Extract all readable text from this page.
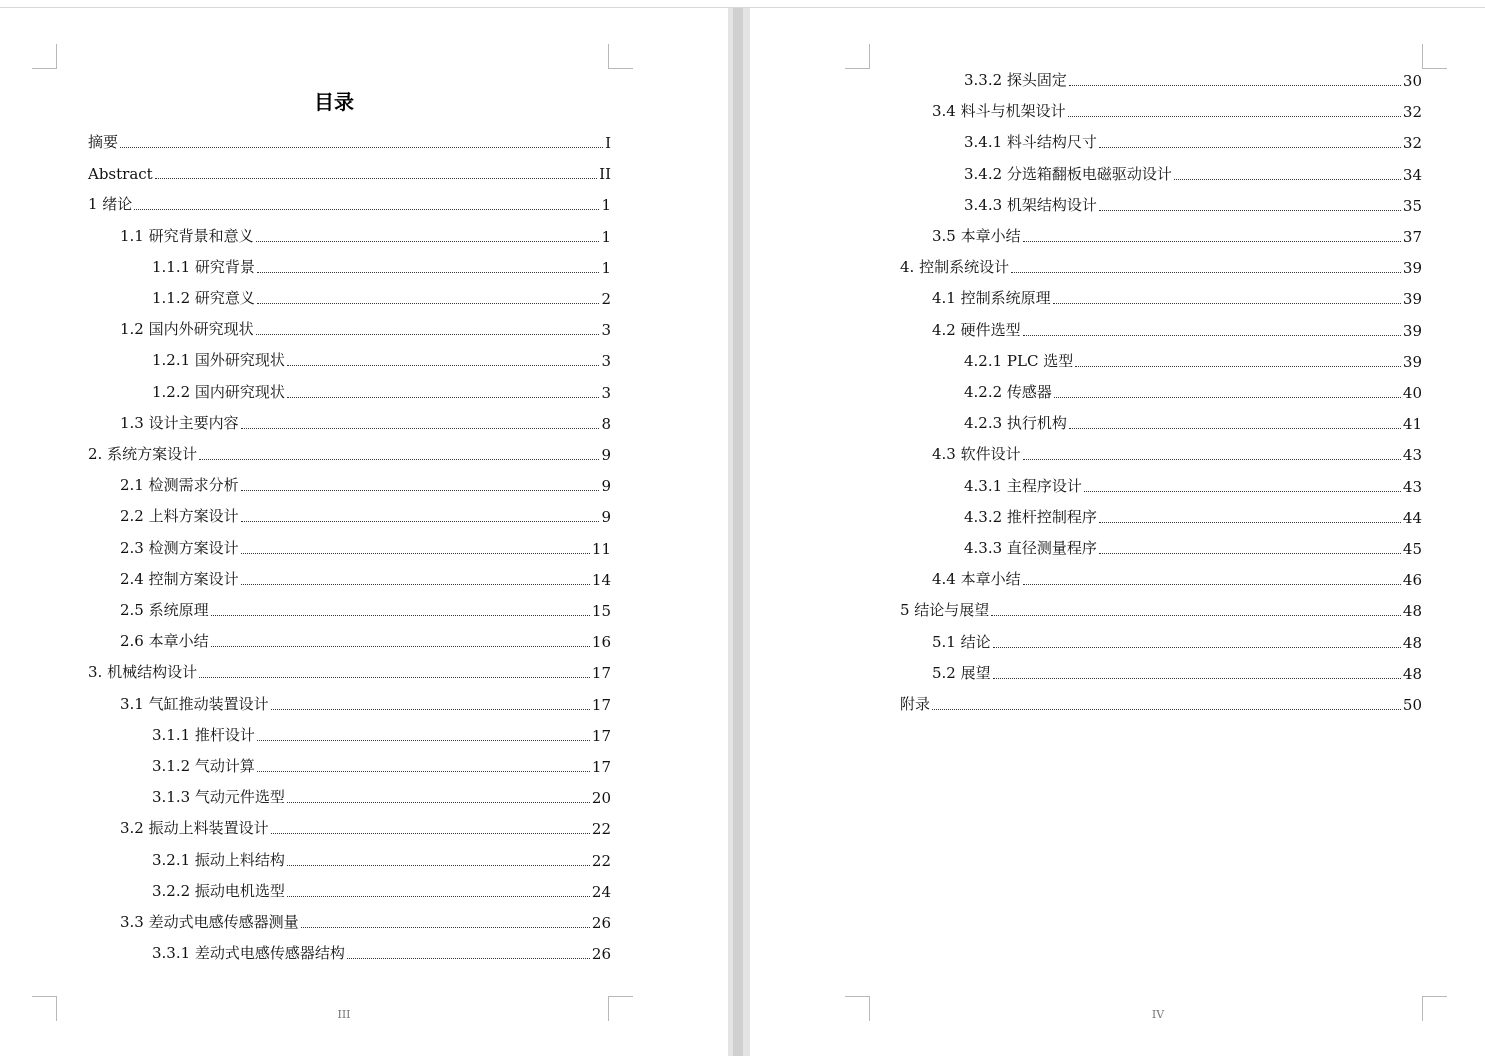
目录
摘要	I
Abstract	II
1 绪论	1
1.1 研究背景和意义	1
1.1.1 研究背景	1
1.1.2 研究意义	2
1.2 国内外研究现状	3
1.2.1 国外研究现状	3
1.2.2 国内研究现状	3
1.3 设计主要内容	8
2. 系统方案设计	9
2.1 检测需求分析	9
2.2 上料方案设计	9
2.3 检测方案设计	11
2.4 控制方案设计	14
2.5 系统原理	15
2.6 本章小结	16
3. 机械结构设计	17
3.1 气缸推动装置设计	17
3.1.1 推杆设计	17
3.1.2 气动计算	17
3.1.3 气动元件选型	20
3.2 振动上料装置设计	22
3.2.1 振动上料结构	22
3.2.2 振动电机选型	24
3.3 差动式电感传感器测量	26
3.3.1 差动式电感传感器结构	26
III
3.3.2 探头固定	30
3.4 料斗与机架设计	32
3.4.1 料斗结构尺寸	32
3.4.2 分选箱翻板电磁驱动设计	34
3.4.3 机架结构设计	35
3.5 本章小结	37
4. 控制系统设计	39
4.1 控制系统原理	39
4.2 硬件选型	39
4.2.1 PLC 选型	39
4.2.2 传感器	40
4.2.3 执行机构	41
4.3 软件设计	43
4.3.1 主程序设计	43
4.3.2 推杆控制程序	44
4.3.3 直径测量程序	45
4.4 本章小结	46
5 结论与展望	48
5.1 结论	48
5.2 展望	48
附录	50
IV
